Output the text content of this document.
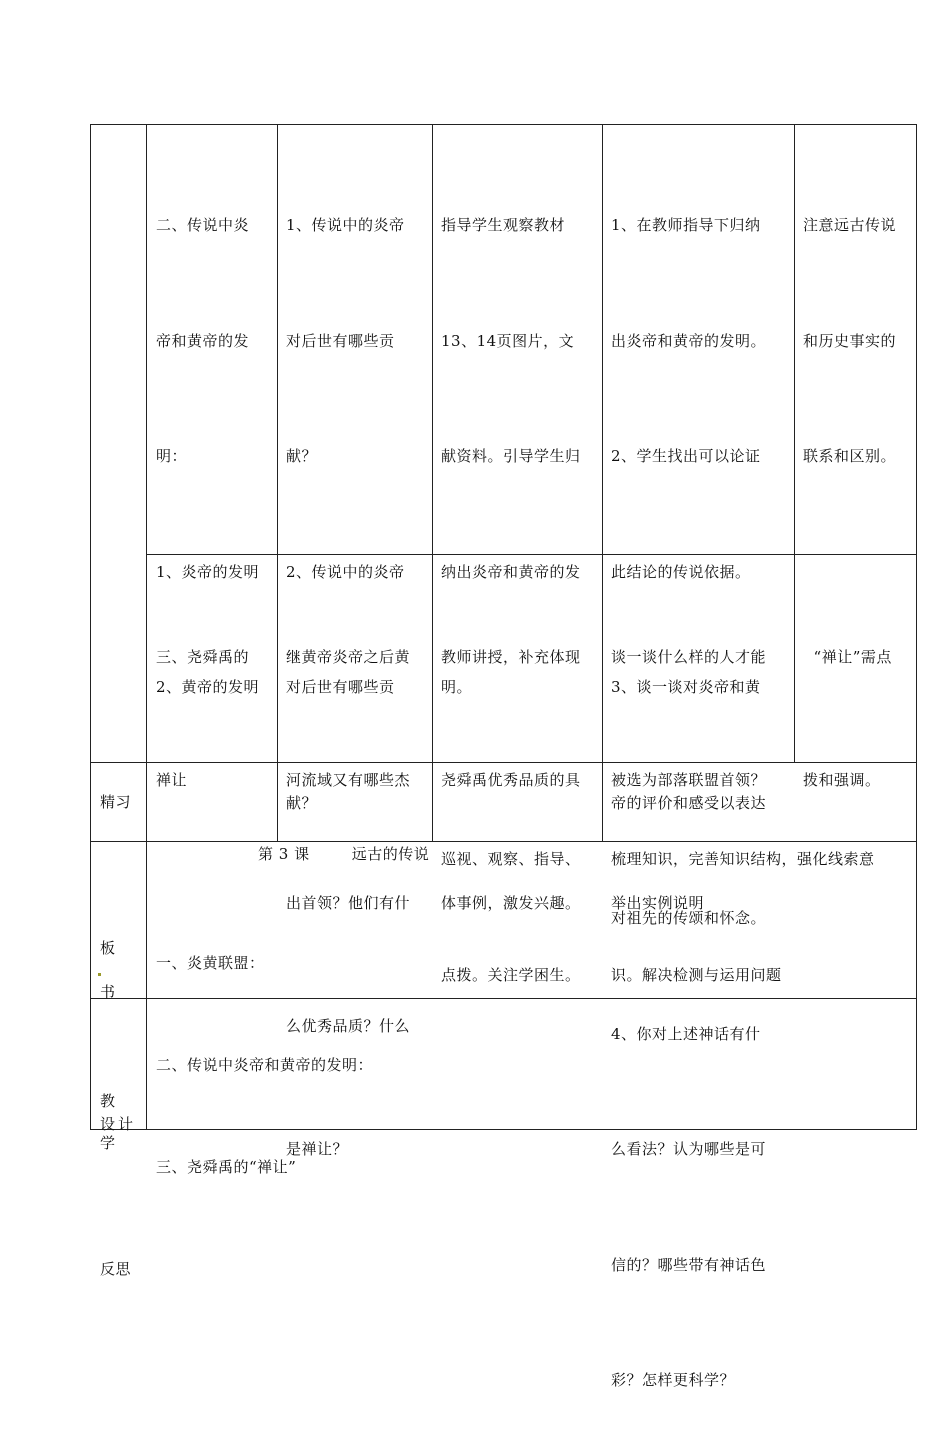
二、传说中炎

帝和黄帝的发

明：

1、炎帝的发明

2、黄帝的发明

1、传说中的炎帝

对后世有哪些贡

献？

2、传说中的炎帝

对后世有哪些贡

献？

指导学生观察教材

13、14页图片，文

献资料。引导学生归

纳出炎帝和黄帝的发

明。

1、在教师指导下归纳

出炎帝和黄帝的发明。

2、学生找出可以论证

此结论的传说依据。

3、谈一谈对炎帝和黄

帝的评价和感受以表达

对祖先的传颂和怀念。

4、你对上述神话有什

么看法？认为哪些是可

信的？哪些带有神话色

彩？怎样更科学？

注意远古传说

和历史事实的

联系和区别。

三、尧舜禹的

禅让

继黄帝炎帝之后黄

河流域又有哪些杰

出首领？他们有什

么优秀品质？什么

是禅让？

教师讲授，补充体现

尧舜禹优秀品质的具

体事例，激发兴趣。

谈一谈什么样的人才能

被选为部落联盟首领？

举出实例说明

“禅让”需点

拨和强调。

精习

巡视、观察、指导、

点拨。关注学困生。

梳理知识，完善知识结构，强化线索意

识。解决检测与运用问题

板书

设计

第 3 课        远古的传说

一、炎黄联盟：

二、传说中炎帝和黄帝的发明：

三、尧舜禹的“禅让”

教学

反思
